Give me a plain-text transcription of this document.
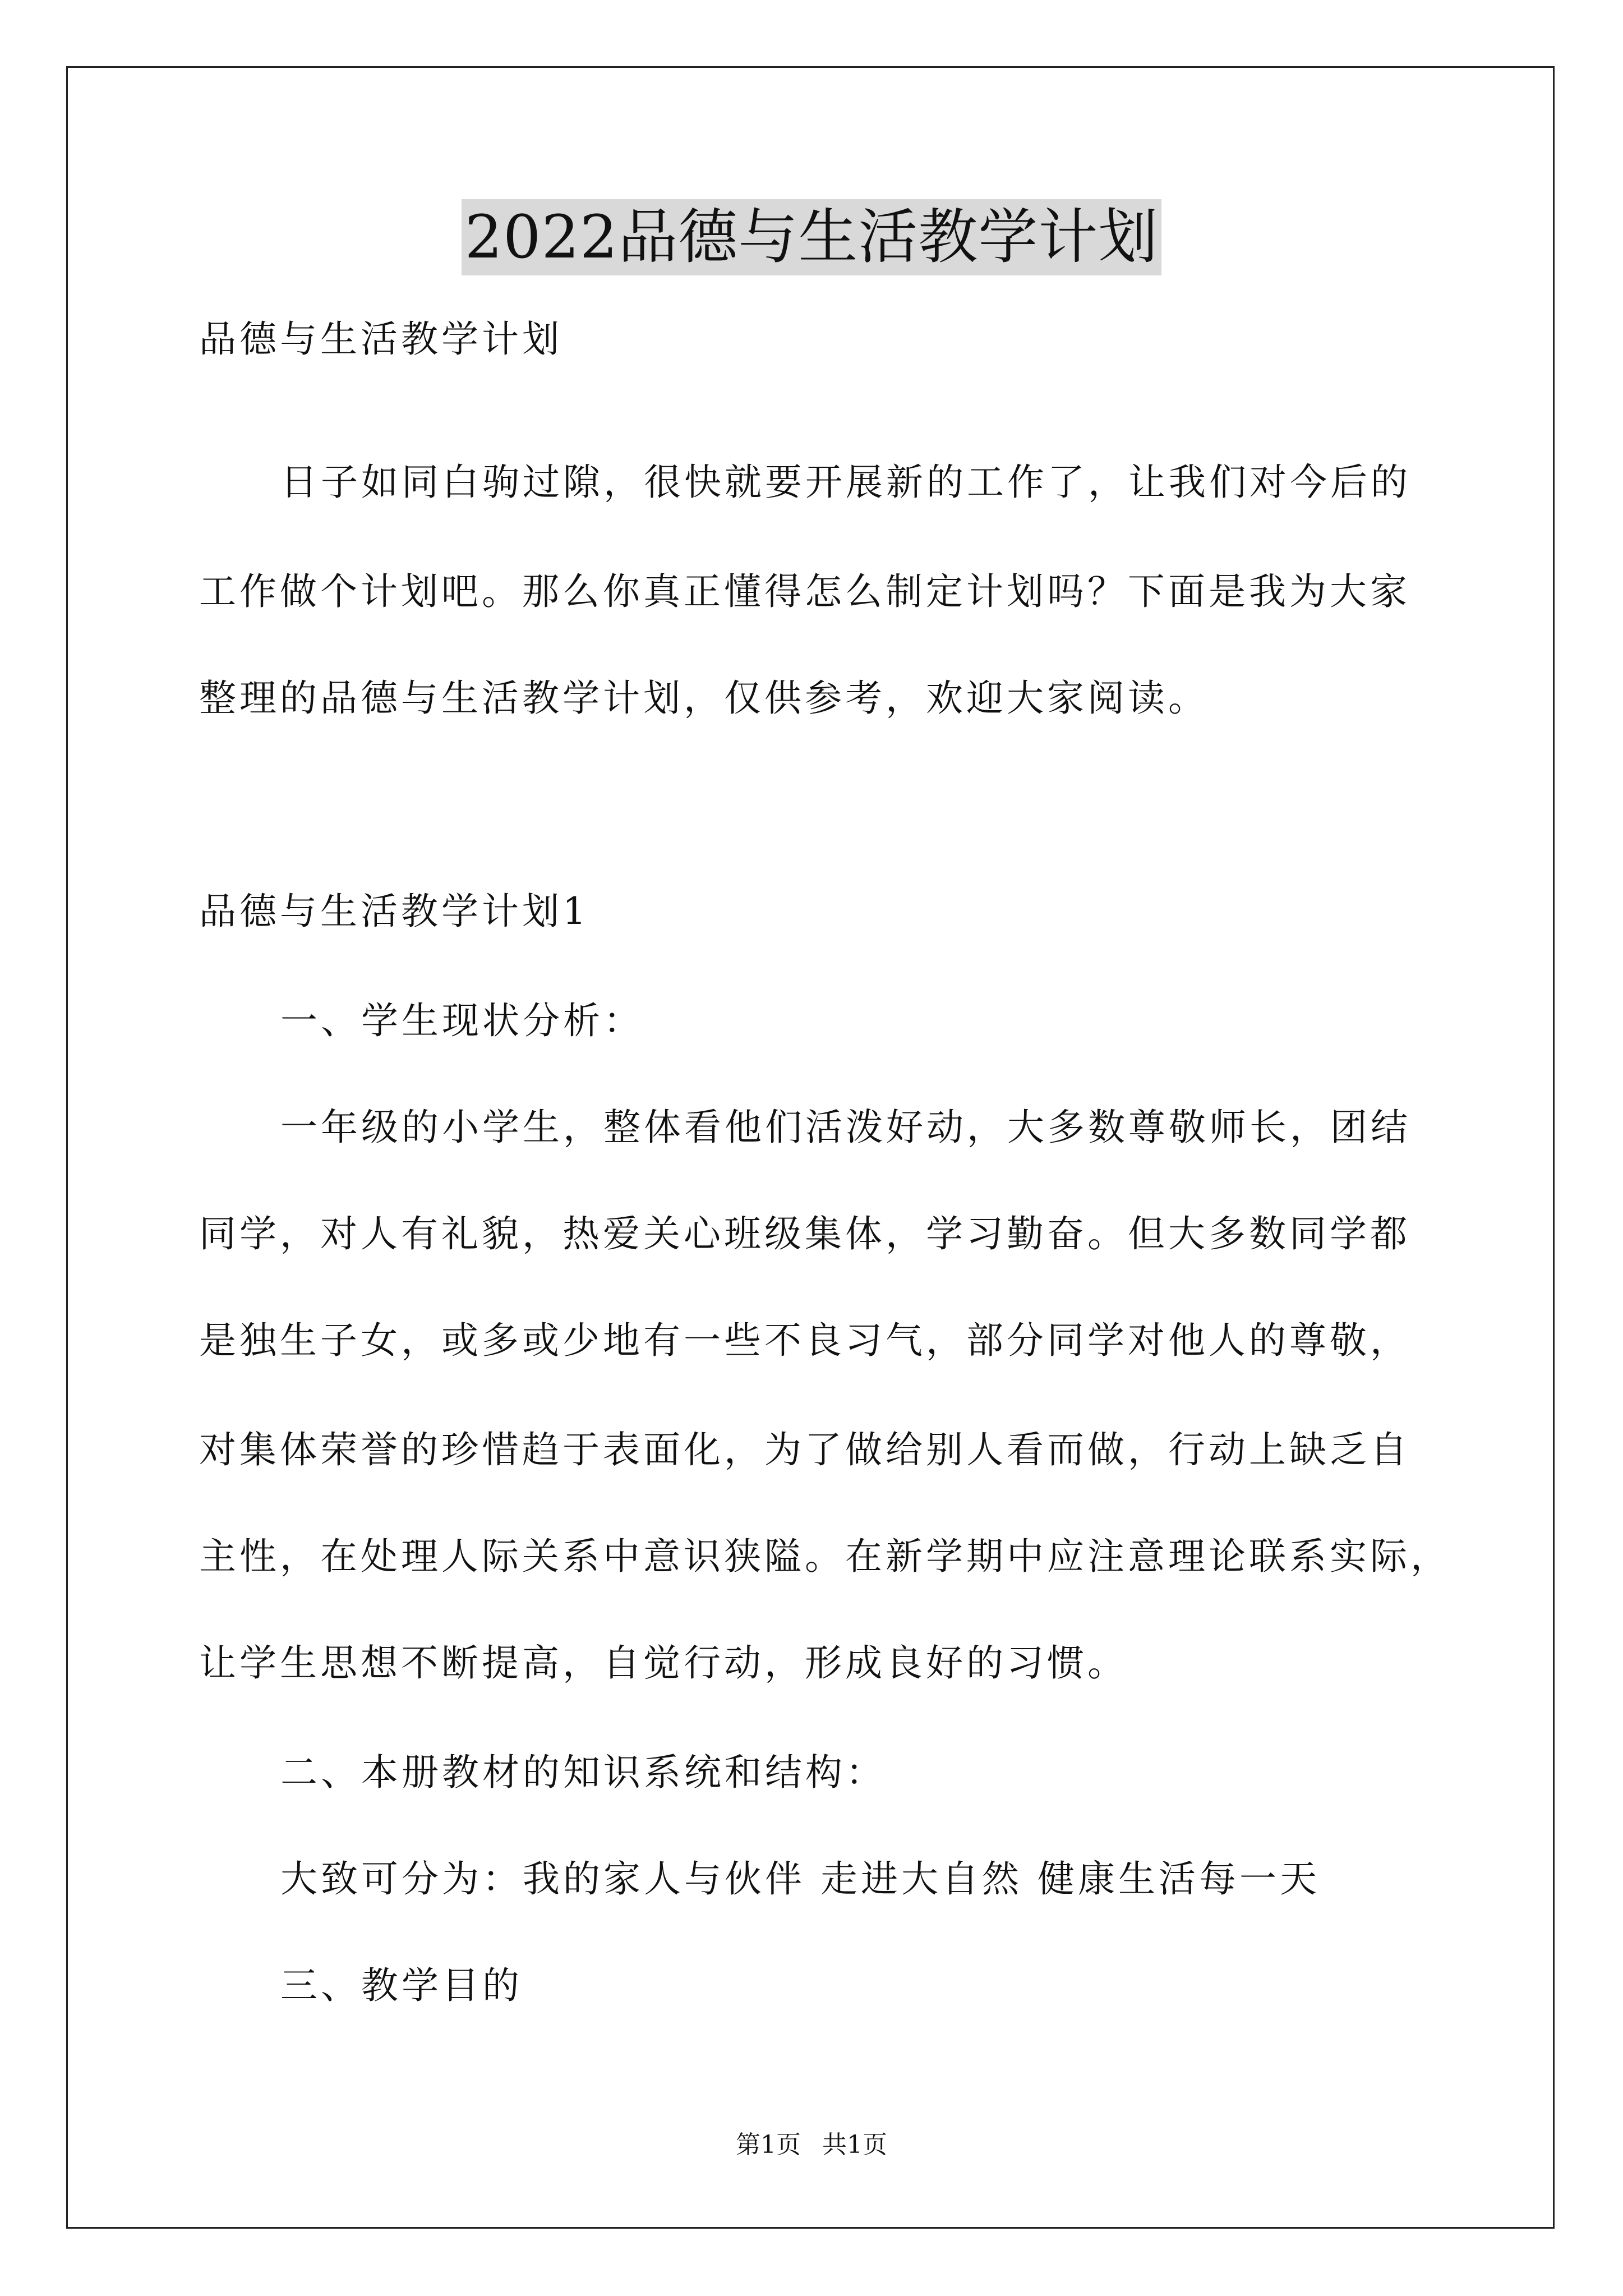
2022品德与生活教学计划
品德与生活教学计划
日子如同白驹过隙，很快就要开展新的工作了，让我们对今后的
工作做个计划吧。那么你真正懂得怎么制定计划吗？下面是我为大家
整理的品德与生活教学计划，仅供参考，欢迎大家阅读。
品德与生活教学计划1
一、学生现状分析：
一年级的小学生，整体看他们活泼好动，大多数尊敬师长，团结
同学，对人有礼貌，热爱关心班级集体，学习勤奋。但大多数同学都
是独生子女，或多或少地有一些不良习气，部分同学对他人的尊敬，
对集体荣誉的珍惜趋于表面化，为了做给别人看而做，行动上缺乏自
主性，在处理人际关系中意识狭隘。在新学期中应注意理论联系实际，
让学生思想不断提高，自觉行动，形成良好的习惯。
二、本册教材的知识系统和结构：
大致可分为：我的家人与伙伴 走进大自然 健康生活每一天
三、教学目的
第1页 共1页
